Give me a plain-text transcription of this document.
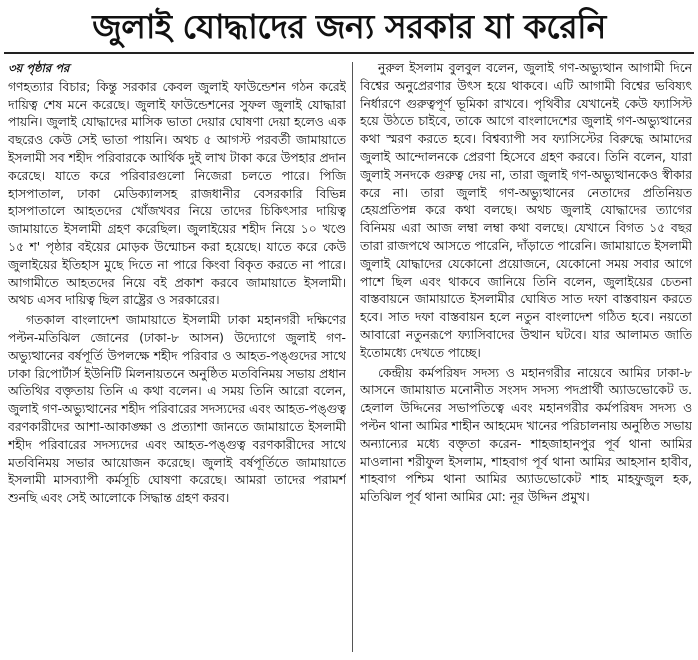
জুলাই যোদ্ধাদের জন্য সরকার যা করেনি

৩য় পৃষ্ঠার পর

গণহত্যার বিচার; কিন্তু সরকার কেবল জুলাই ফাউন্ডেশন গঠন করেই দায়িত্ব শেষ মনে করেছে। জুলাই ফাউন্ডেশনের সুফল জুলাই যোদ্ধারা পায়নি। জুলাই যোদ্ধাদের মাসিক ভাতা দেয়ার ঘোষণা দেয়া হলেও এক বছরেও কেউ সেই ভাতা পায়নি। অথচ ৫ আগস্ট পরবর্তী জামায়াতে ইসলামী সব শহীদ পরিবারকে আর্থিক দুই লাখ টাকা করে উপহার প্রদান করেছে। যাতে করে পরিবারগুলো নিজেরা চলতে পারে। পিজি হাসপাতাল, ঢাকা মেডিক্যালসহ রাজধানীর বেসরকারি বিভিন্ন হাসপাতালে আহতদের খোঁজখবর নিয়ে তাদের চিকিৎসার দায়িত্ব জামায়াতে ইসলামী গ্রহণ করেছিল। জুলাইয়ের শহীদ নিয়ে ১০ খণ্ডে ১৫ শ' পৃষ্ঠার বইয়ের মোড়ক উন্মোচন করা হয়েছে। যাতে করে কেউ জুলাইয়ের ইতিহাস মুছে দিতে না পারে কিংবা বিকৃত করতে না পারে। আগামীতে আহতদের নিয়ে বই প্রকাশ করবে জামায়াতে ইসলামী। অথচ এসব দায়িত্ব ছিল রাষ্ট্রের ও সরকারের।

গতকাল বাংলাদেশ জামায়াতে ইসলামী ঢাকা মহানগরী দক্ষিণের পল্টন-মতিঝিল জোনের (ঢাকা-৮ আসন) উদ্যোগে জুলাই গণ-অভ্যুত্থানের বর্ষপূর্তি উপলক্ষে শহীদ পরিবার ও আহত-পঙ্গুদের সাথে ঢাকা রিপোর্টার্স ইউনিটি মিলনায়তনে অনুষ্ঠিত মতবিনিময় সভায় প্রধান অতিথির বক্তৃতায় তিনি এ কথা বলেন। এ সময় তিনি আরো বলেন, জুলাই গণ-অভ্যুত্থানের শহীদ পরিবারের সদস্যদের এবং আহত-পঙ্গুত্ব বরণকারীদের আশা-আকাঙ্ক্ষা ও প্রত্যাশা জানতে জামায়াতে ইসলামী শহীদ পরিবারের সদস্যদের এবং আহত-পঙ্গুত্ব বরণকারীদের সাথে মতবিনিময় সভার আয়োজন করেছে। জুলাই বর্ষপূর্তিতে জামায়াতে ইসলামী মাসব্যাপী কর্মসূচি ঘোষণা করেছে। আমরা তাদের পরামর্শ শুনছি এবং সেই আলোকে সিদ্ধান্ত গ্রহণ করব।

নুরুল ইসলাম বুলবুল বলেন, জুলাই গণ-অভ্যুত্থান আগামী দিনে বিশ্বের অনুপ্রেরণার উৎস হয়ে থাকবে। এটি আগামী বিশ্বের ভবিষ্যৎ নির্ধারণে গুরুত্বপূর্ণ ভূমিকা রাখবে। পৃথিবীর যেখানেই কেউ ফ্যাসিস্ট হয়ে উঠতে চাইবে, তাকে আগে বাংলাদেশের জুলাই গণ-অভ্যুত্থানের কথা স্মরণ করতে হবে। বিশ্বব্যাপী সব ফ্যাসিস্টের বিরুদ্ধে আমাদের জুলাই আন্দোলনকে প্রেরণা হিসেবে গ্রহণ করবে। তিনি বলেন, যারা জুলাই সনদকে গুরুত্ব দেয় না, তারা জুলাই গণ-অভ্যুত্থানকেও স্বীকার করে না। তারা জুলাই গণ-অভ্যুত্থানের নেতাদের প্রতিনিয়ত হেয়প্রতিপন্ন করে কথা বলছে। অথচ জুলাই যোদ্ধাদের ত্যাগের বিনিময় এরা আজ লম্বা লম্বা কথা বলছে। যেখানে বিগত ১৫ বছর তারা রাজপথে আসতে পারেনি, দাঁড়াতে পারেনি। জামায়াতে ইসলামী জুলাই যোদ্ধাদের যেকোনো প্রয়োজনে, যেকোনো সময় সবার আগে পাশে ছিল এবং থাকবে জানিয়ে তিনি বলেন, জুলাইয়ের চেতনা বাস্তবায়নে জামায়াতে ইসলামীর ঘোষিত সাত দফা বাস্তবায়ন করতে হবে। সাত দফা বাস্তবায়ন হলে নতুন বাংলাদেশ গঠিত হবে। নয়তো আবারো নতুনরূপে ফ্যাসিবাদের উত্থান ঘটবে। যার আলামত জাতি ইতোমধ্যে দেখতে পাচ্ছে।

কেন্দ্রীয় কর্মপরিষদ সদস্য ও মহানগরীর নায়েবে আমির ঢাকা-৮ আসনে জামায়াত মনোনীত সংসদ সদস্য পদপ্রার্থী অ্যাডভোকেট ড. হেলাল উদ্দিনের সভাপতিত্বে এবং মহানগরীর কর্মপরিষদ সদস্য ও পল্টন থানা আমির শাহীন আহমেদ খানের পরিচালনায় অনুষ্ঠিত সভায় অন্যান্যের মধ্যে বক্তৃতা করেন- শাহজাহানপুর পূর্ব থানা আমির মাওলানা শরীফুল ইসলাম, শাহবাগ পূর্ব থানা আমির আহসান হাবীব, শাহবাগ পশ্চিম থানা আমির অ্যাডভোকেট শাহ মাহফুজুল হক, মতিঝিল পূর্ব থানা আমির মো: নূর উদ্দিন প্রমুখ।
